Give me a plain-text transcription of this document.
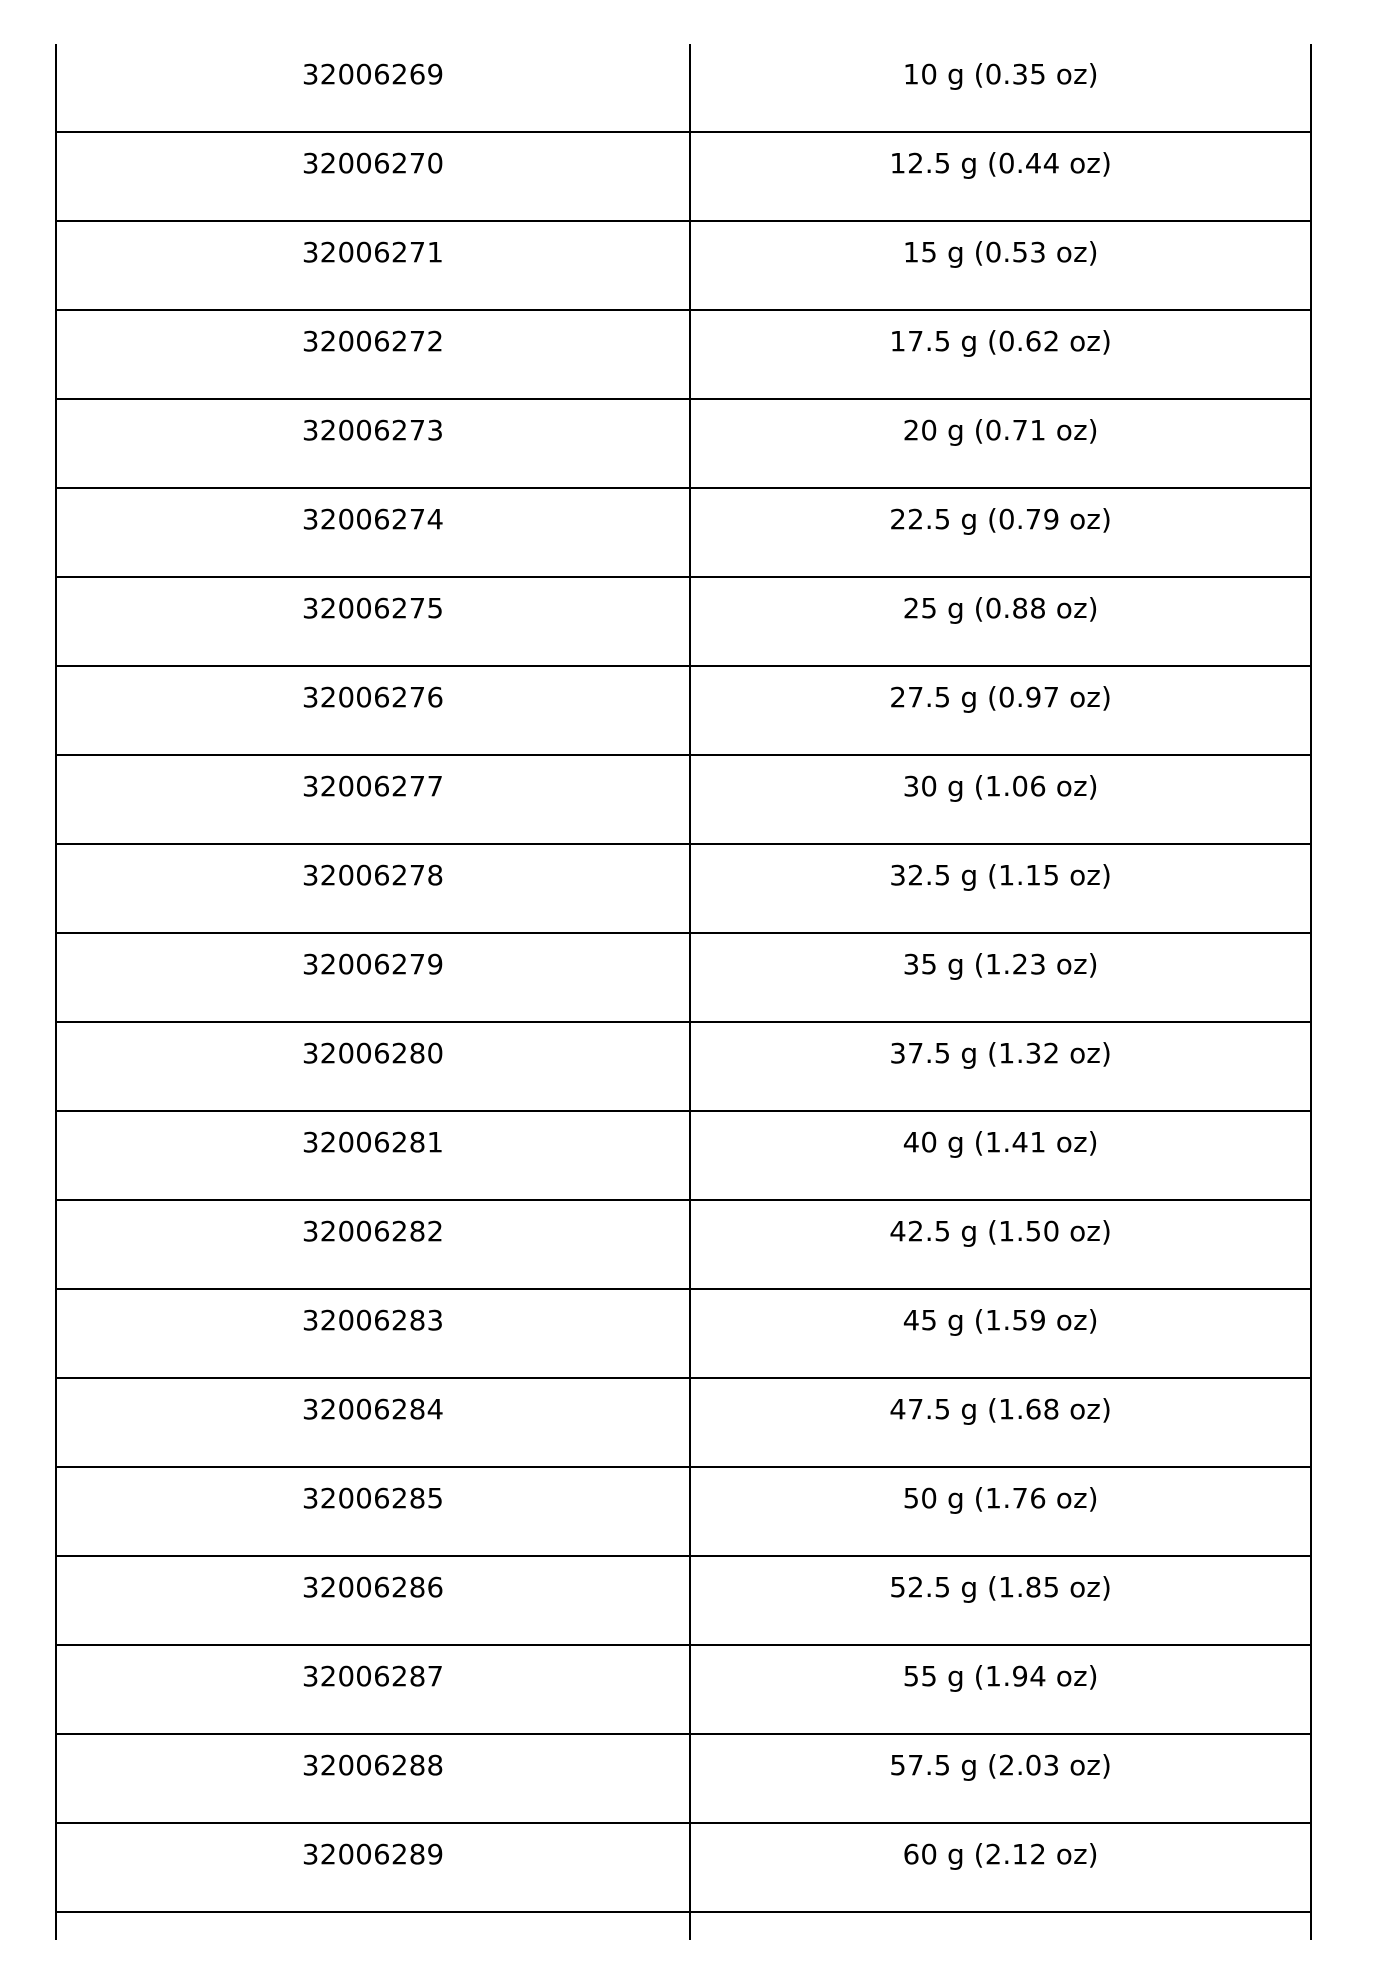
32006269	10 g (0.35 oz)

32006270	12.5 g (0.44 oz)

32006271	15 g (0.53 oz)

32006272	17.5 g (0.62 oz)

32006273	20 g (0.71 oz)

32006274	22.5 g (0.79 oz)

32006275	25 g (0.88 oz)

32006276	27.5 g (0.97 oz)

32006277	30 g (1.06 oz)

32006278	32.5 g (1.15 oz)

32006279	35 g (1.23 oz)

32006280	37.5 g (1.32 oz)

32006281	40 g (1.41 oz)

32006282	42.5 g (1.50 oz)

32006283	45 g (1.59 oz)

32006284	47.5 g (1.68 oz)

32006285	50 g (1.76 oz)

32006286	52.5 g (1.85 oz)

32006287	55 g (1.94 oz)

32006288	57.5 g (2.03 oz)

32006289	60 g (2.12 oz)
